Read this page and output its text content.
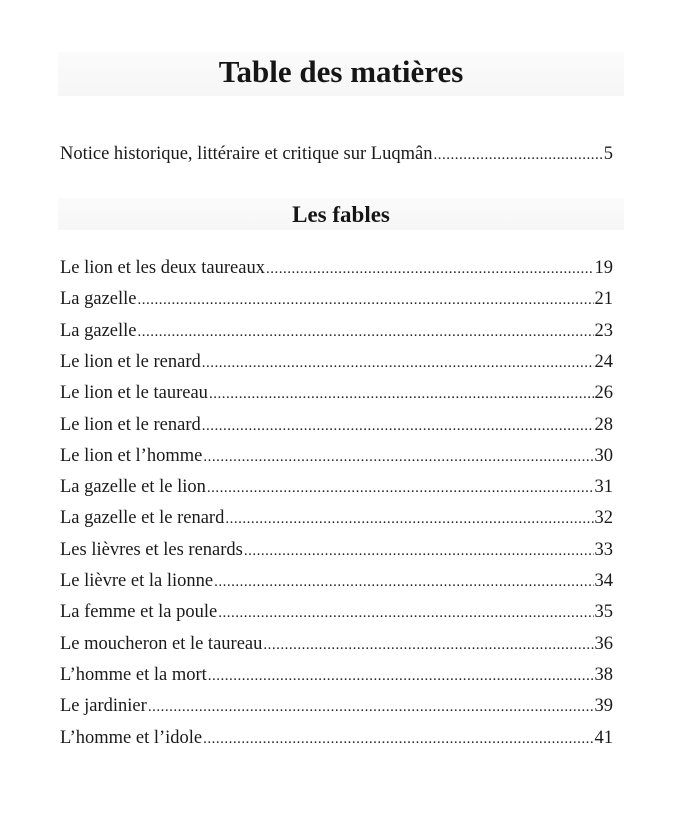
Table des matières
Notice historique, littéraire et critique sur Luqmân .....	5
Les fables
Le lion et les deux taureaux .....	19
La gazelle .....	21
La gazelle .....	23
Le lion et le renard .....	24
Le lion et le taureau .....	26
Le lion et le renard .....	28
Le lion et l’homme .....	30
La gazelle et le lion .....	31
La gazelle et le renard .....	32
Les lièvres et les renards .....	33
Le lièvre et la lionne .....	34
La femme et la poule .....	35
Le moucheron et le taureau .....	36
L’homme et la mort .....	38
Le jardinier .....	39
L’homme et l’idole .....	41
